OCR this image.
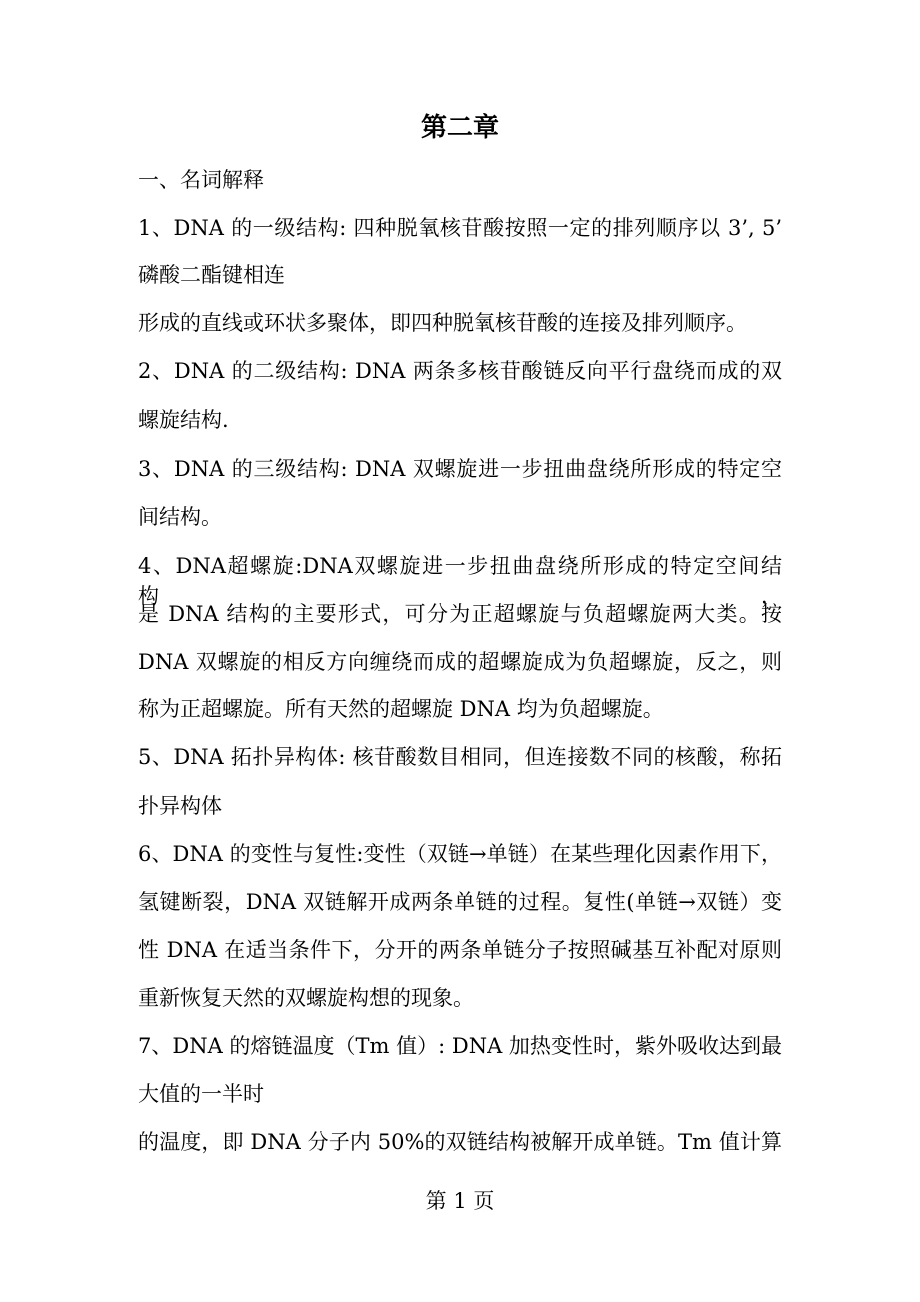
第二章
一、名词解释
1、DNA 的一级结构: 四种脱氧核苷酸按照一定的排列顺序以 3’, 5’
磷酸二酯键相连
形成的直线或环状多聚体，即四种脱氧核苷酸的连接及排列顺序。
2、DNA 的二级结构: DNA 两条多核苷酸链反向平行盘绕而成的双
螺旋结构.
3、DNA 的三级结构: DNA 双螺旋进一步扭曲盘绕所形成的特定空
间结构。
4、DNA超螺旋:DNA双螺旋进一步扭曲盘绕所形成的特定空间结构，
是 DNA 结构的主要形式，可分为正超螺旋与负超螺旋两大类。按
DNA 双螺旋的相反方向缠绕而成的超螺旋成为负超螺旋，反之，则
称为正超螺旋。所有天然的超螺旋 DNA 均为负超螺旋。
5、DNA 拓扑异构体: 核苷酸数目相同，但连接数不同的核酸，称拓
扑异构体
6、DNA 的变性与复性:变性（双链→单链）在某些理化因素作用下，
氢键断裂，DNA 双链解开成两条单链的过程。复性(单链→双链）变
性 DNA 在适当条件下，分开的两条单链分子按照碱基互补配对原则
重新恢复天然的双螺旋构想的现象。
7、DNA 的熔链温度（Tm 值）: DNA 加热变性时，紫外吸收达到最
大值的一半时
的温度，即 DNA 分子内 50%的双链结构被解开成单链。Tm 值计算
第 1 页
